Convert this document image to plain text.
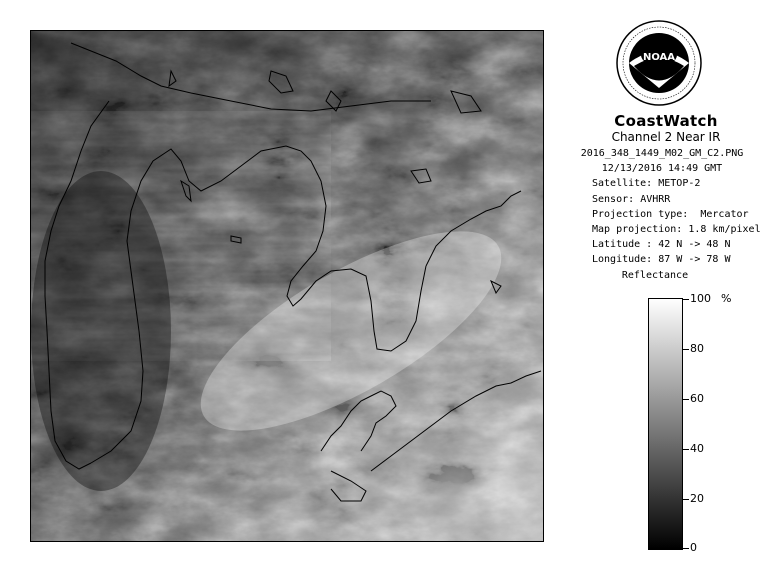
NOAA
CoastWatch
Channel 2 Near IR
2016_348_1449_M02_GM_C2.PNG
12/13/2016 14:49 GMT
Satellite: METOP-2
Sensor: AVHRR
Projection type: Mercator
Map projection: 1.8 km/pixel
Latitude : 42 N -> 48 N
Longitude: 87 W -> 78 W
Reflectance
%
100
80
60
40
20
0
